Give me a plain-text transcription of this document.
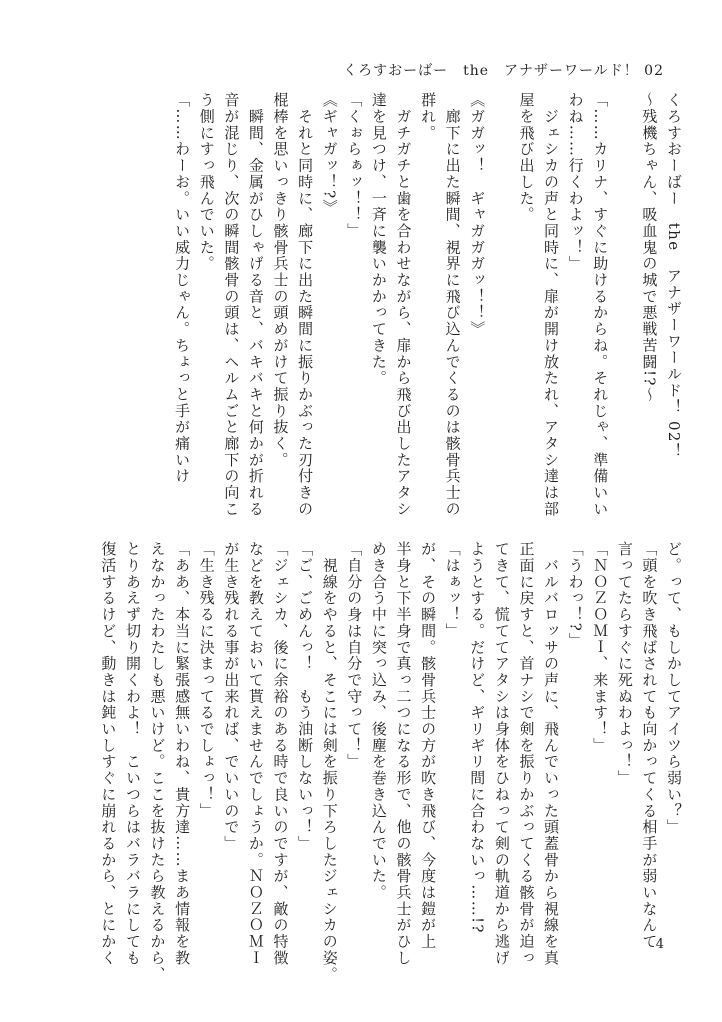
くろすおーばー　the　アナザーワールド！ 02
くろすおーばー　the　アナザーワールド！ 02！
～残機ちゃん、吸血鬼の城で悪戦苦闘!?～

「……カリナ、すぐに助けるからね。それじゃ、準備いい
わね……行くわよッ！」
　ジェシカの声と同時に、扉が開け放たれ、アタシ達は部
屋を飛び出した。

《ガガッ！　ギャガガガッ！！》
　廊下に出た瞬間、視界に飛び込んでくるのは骸骨兵士の
群れ。
　ガチガチと歯を合わせながら、扉から飛び出したアタシ
達を見つけ、一斉に襲いかかってきた。
「くぉらぁッ！！」
《ギャガッ！?》
　それと同時に、廊下に出た瞬間に振りかぶった刃付きの
棍棒を思いっきり骸骨兵士の頭めがけて振り抜く。
　瞬間、金属がひしゃげる音と、バキバキと何かが折れる
音が混じり、次の瞬間骸骨の頭は、ヘルムごと廊下の向こ
う側にすっ飛んでいた。
「……わーお。いい威力じゃん。ちょっと手が痛いけ
ど。って、もしかしてアイツら弱い？」
「頭を吹き飛ばされても向かってくる相手が弱いなんて
言ってたらすぐに死ぬわよっ！」
「ＮＯＺＯＭＩ、来ます！」
「うわっ！?」
　バルバロッサの声に、飛んでいった頭蓋骨から視線を真
正面に戻すと、首ナシで剣を振りかぶってくる骸骨が迫っ
てきて、慌ててアタシは身体をひねって剣の軌道から逃げ
ようとする。だけど、ギリギリ間に合わないっ……!?
「はぁッ！」
が、その瞬間。骸骨兵士の方が吹き飛び、今度は鎧が上
半身と下半身で真っ二つになる形で、他の骸骨兵士がひし
めき合う中に突っ込み、後塵を巻き込んでいた。
「自分の身は自分で守って！」
　視線をやると、そこには剣を振り下ろしたジェシカの姿。
「ご、ごめんっ！　もう油断しないっ！」
「ジェシカ、後に余裕のある時で良いのですが、敵の特徴
などを教えておいて貰えませんでしょうか。ＮＯＺＯＭＩ
が生き残れる事が出来れば、でいいので」
「生き残るに決まってるでしょっ！」
「ああ、本当に緊張感無いわね、貴方達……まあ情報を教
えなかったわたしも悪いけど。ここを抜けたら教えるから、
とりあえず切り開くわよ！　こいつらはバラバラにしても
復活するけど、動きは鈍いしすぐに崩れるから、とにかく	4
